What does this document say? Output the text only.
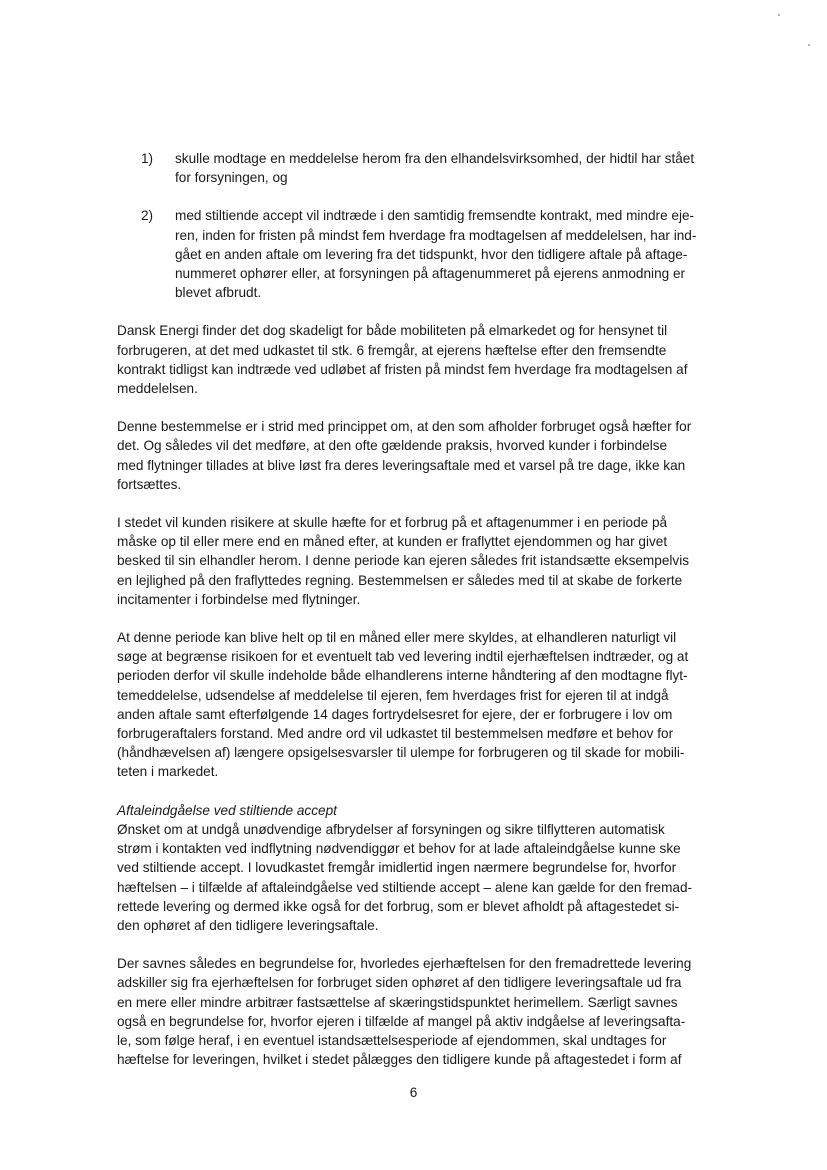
1) skulle modtage en meddelelse herom fra den elhandelsvirksomhed, der hidtil har stået
for forsyningen, og
2) med stiltiende accept vil indtræde i den samtidig fremsendte kontrakt, med mindre eje-
ren, inden for fristen på mindst fem hverdage fra modtagelsen af meddelelsen, har ind-
gået en anden aftale om levering fra det tidspunkt, hvor den tidligere aftale på aftage-
nummeret ophører eller, at forsyningen på aftagenummeret på ejerens anmodning er
blevet afbrudt.

Dansk Energi finder det dog skadeligt for både mobiliteten på elmarkedet og for hensynet til
forbrugeren, at det med udkastet til stk. 6 fremgår, at ejerens hæftelse efter den fremsendte
kontrakt tidligst kan indtræde ved udløbet af fristen på mindst fem hverdage fra modtagelsen af
meddelelsen.

Denne bestemmelse er i strid med princippet om, at den som afholder forbruget også hæfter for
det. Og således vil det medføre, at den ofte gældende praksis, hvorved kunder i forbindelse
med flytninger tillades at blive løst fra deres leveringsaftale med et varsel på tre dage, ikke kan
fortsættes.

I stedet vil kunden risikere at skulle hæfte for et forbrug på et aftagenummer i en periode på
måske op til eller mere end en måned efter, at kunden er fraflyttet ejendommen og har givet
besked til sin elhandler herom. I denne periode kan ejeren således frit istandsætte eksempelvis
en lejlighed på den fraflyttedes regning. Bestemmelsen er således med til at skabe de forkerte
incitamenter i forbindelse med flytninger.

At denne periode kan blive helt op til en måned eller mere skyldes, at elhandleren naturligt vil
søge at begrænse risikoen for et eventuelt tab ved levering indtil ejerhæftelsen indtræder, og at
perioden derfor vil skulle indeholde både elhandlerens interne håndtering af den modtagne flyt-
temeddelelse, udsendelse af meddelelse til ejeren, fem hverdages frist for ejeren til at indgå
anden aftale samt efterfølgende 14 dages fortrydelsesret for ejere, der er forbrugere i lov om
forbrugeraftalers forstand. Med andre ord vil udkastet til bestemmelsen medføre et behov for
(håndhævelsen af) længere opsigelsesvarsler til ulempe for forbrugeren og til skade for mobili-
teten i markedet.

Aftaleindgåelse ved stiltiende accept
Ønsket om at undgå unødvendige afbrydelser af forsyningen og sikre tilflytteren automatisk
strøm i kontakten ved indflytning nødvendiggør et behov for at lade aftaleindgåelse kunne ske
ved stiltiende accept. I lovudkastet fremgår imidlertid ingen nærmere begrundelse for, hvorfor
hæftelsen – i tilfælde af aftaleindgåelse ved stiltiende accept – alene kan gælde for den fremad-
rettede levering og dermed ikke også for det forbrug, som er blevet afholdt på aftagestedet si-
den ophøret af den tidligere leveringsaftale.

Der savnes således en begrundelse for, hvorledes ejerhæftelsen for den fremadrettede levering
adskiller sig fra ejerhæftelsen for forbruget siden ophøret af den tidligere leveringsaftale ud fra
en mere eller mindre arbitrær fastsættelse af skæringstidspunktet herimellem. Særligt savnes
også en begrundelse for, hvorfor ejeren i tilfælde af mangel på aktiv indgåelse af leveringsafta-
le, som følge heraf, i en eventuel istandsættelsesperiode af ejendommen, skal undtages for
hæftelse for leveringen, hvilket i stedet pålægges den tidligere kunde på aftagestedet i form af

6
